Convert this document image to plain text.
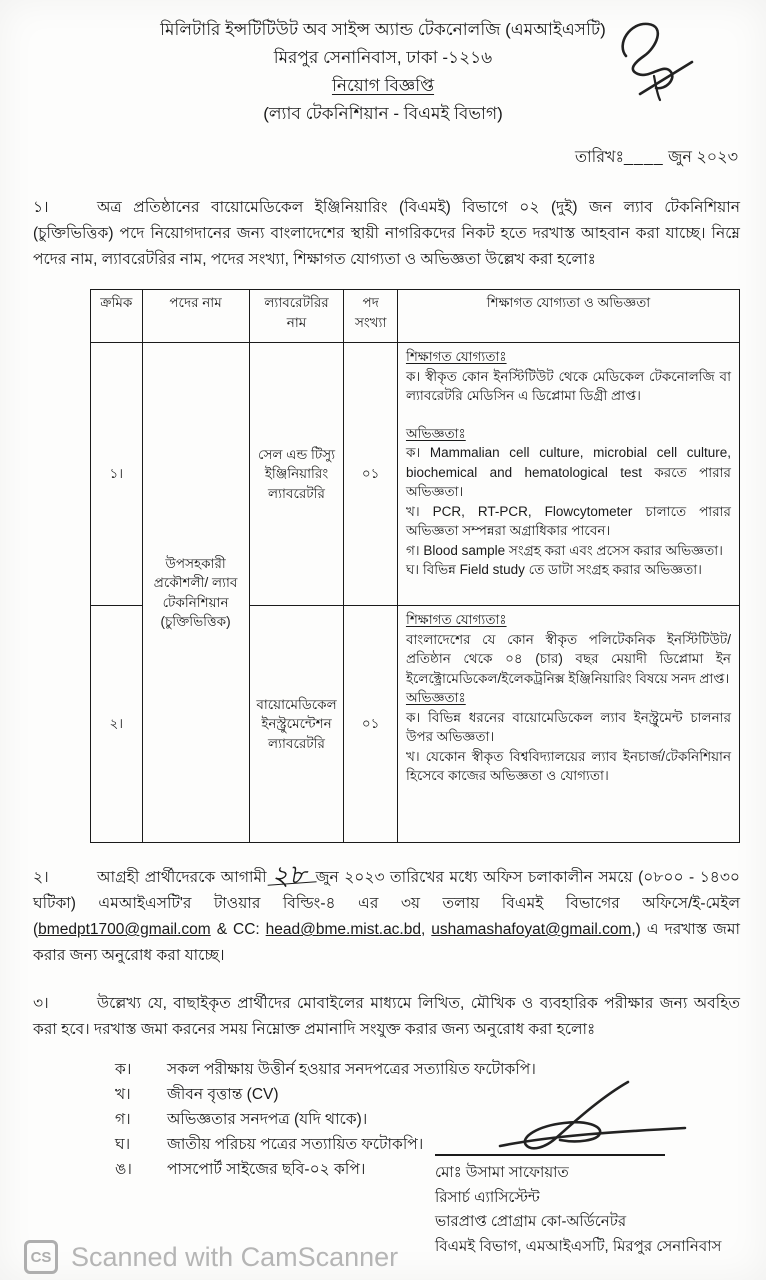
মিলিটারি ইন্সটিটিউট অব সাইন্স অ্যান্ড টেকনোলজি (এমআইএসটি)
মিরপুর সেনানিবাস, ঢাকা -১২১৬
নিয়োগ বিজ্ঞপ্তি
(ল্যাব টেকনিশিয়ান - বিএমই বিভাগ)
তারিখঃ____ জুন ২০২৩

১।	অত্র প্রতিষ্ঠানের বায়োমেডিকেল ইঞ্জিনিয়ারিং (বিএমই) বিভাগে ০২ (দুই) জন ল্যাব টেকনিশিয়ান (চুক্তিভিত্তিক) পদে নিয়োগদানের জন্য বাংলাদেশের স্থায়ী নাগরিকদের নিকট হতে দরখাস্ত আহবান করা যাচ্ছে। নিম্নে পদের নাম, ল্যাবরেটরির নাম, পদের সংখ্যা, শিক্ষাগত যোগ্যতা ও অভিজ্ঞতা উল্লেখ করা হলোঃ

ক্রমিক	পদের নাম	ল্যাবরেটরির নাম	পদ সংখ্যা	শিক্ষাগত যোগ্যতা ও অভিজ্ঞতা
১।	উপসহকারী প্রকৌশলী/ ল্যাব টেকনিশিয়ান (চুক্তিভিত্তিক)	সেল এন্ড টিস্যু ইঞ্জিনিয়ারিং ল্যাবরেটরি	০১	
শিক্ষাগত যোগ্যতাঃ
ক। স্বীকৃত কোন ইনস্টিটিউট থেকে মেডিকেল টেকনোলজি বা ল্যাবরেটরি মেডিসিন এ ডিপ্লোমা ডিগ্রী প্রাপ্ত।
অভিজ্ঞতাঃ
ক। Mammalian cell culture, microbial cell culture, biochemical and hematological test করতে পারার অভিজ্ঞতা।
খ। PCR, RT-PCR, Flowcytometer চালাতে পারার অভিজ্ঞতা সম্পন্নরা অগ্রাধিকার পাবেন।
গ। Blood sample সংগ্রহ করা এবং প্রসেস করার অভিজ্ঞতা।
ঘ। বিভিন্ন Field study তে ডাটা সংগ্রহ করার অভিজ্ঞতা।

২।		বায়োমেডিকেল ইনস্ট্রুমেন্টেশন ল্যাবরেটরি	০১	শিক্ষাগত যোগ্যতাঃ
বাংলাদেশের যে কোন স্বীকৃত পলিটেকনিক ইনস্টিটিউট/প্রতিষ্ঠান থেকে ০৪ (চার) বছর মেয়াদী ডিপ্লোমা ইন ইলেক্ট্রোমেডিকেল/ইলেকট্রনিক্স ইঞ্জিনিয়ারিং বিষয়ে সনদ প্রাপ্ত।
অভিজ্ঞতাঃ
ক। বিভিন্ন ধরনের বায়োমেডিকেল ল্যাব ইনস্ট্রুমেন্ট চালনার উপর অভিজ্ঞতা।
খ। যেকোন স্বীকৃত বিশ্ববিদ্যালয়ের ল্যাব ইনচার্জ/টেকনিশিয়ান হিসেবে কাজের অভিজ্ঞতা ও যোগ্যতা।

২।	আগ্রহী প্রার্থীদেরকে আগামী ২৮ জুন ২০২৩ তারিখের মধ্যে অফিস চলাকালীন সময়ে (০৮০০ - ১৪৩০ ঘটিকা) এমআইএসটি'র টাওয়ার বিল্ডিং-৪ এর ৩য় তলায় বিএমই বিভাগের অফিসে/ই-মেইল (bmedpt1700@gmail.com & CC: head@bme.mist.ac.bd, ushamashafoyat@gmail.com,) এ দরখাস্ত জমা করার জন্য অনুরোধ করা যাচ্ছে।

৩।	উল্লেখ্য যে, বাছাইকৃত প্রার্থীদের মোবাইলের মাধ্যমে লিখিত, মৌখিক ও ব্যবহারিক পরীক্ষার জন্য অবহিত করা হবে। দরখাস্ত জমা করনের সময় নিম্নোক্ত প্রমানাদি সংযুক্ত করার জন্য অনুরোধ করা হলোঃ

ক।	সকল পরীক্ষায় উত্তীর্ন হওয়ার সনদপত্রের সত্যায়িত ফটোকপি।
খ।	জীবন বৃত্তান্ত (CV)
গ।	অভিজ্ঞতার সনদপত্র (যদি থাকে)।
ঘ।	জাতীয় পরিচয় পত্রের সত্যায়িত ফটোকপি।
ঙ।	পাসপোর্ট সাইজের ছবি-০২ কপি।	মোঃ উসামা সাফোয়াত
রিসার্চ এ্যাসিস্টেন্ট
ভারপ্রাপ্ত প্রোগ্রাম কো-অর্ডিনেটর
বিএমই বিভাগ, এমআইএসটি, মিরপুর সেনানিবাস
CS Scanned with CamScanner
